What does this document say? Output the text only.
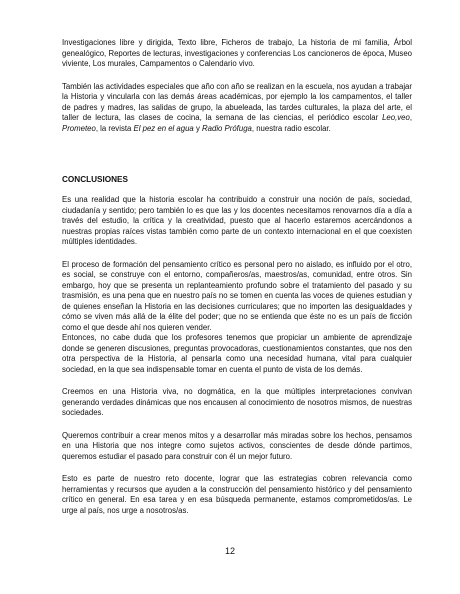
Investigaciones libre y dirigida, Texto libre, Ficheros de trabajo, La historia de mi familia, Árbol genealógico, Reportes de lecturas, investigaciones y conferencias Los cancioneros de época, Museo viviente, Los murales, Campamentos o Calendario vivo.

También las actividades especiales que año con año se realizan en la escuela, nos ayudan a trabajar la Historia y vincularla con las demás áreas académicas, por ejemplo la los campamentos, el taller de padres y madres, las salidas de grupo, la abueleada, las tardes culturales, la plaza del arte, el taller de lectura, las clases de cocina, la semana de las ciencias, el periódico escolar Leo,veo, Prometeo, la revista El pez en el agua y Radio Prófuga, nuestra radio escolar.

CONCLUSIONES

Es una realidad que la historia escolar ha contribuido a construir una noción de país, sociedad, ciudadanía y sentido; pero también lo es que las y los docentes necesitamos renovarnos día a día a través del estudio, la crítica y la creatividad, puesto que al hacerlo estaremos acercándonos a nuestras propias raíces vistas también como parte de un contexto internacional en el que coexisten múltiples identidades.

El proceso de formación del pensamiento crítico es personal pero no aislado, es influido por el otro, es social, se construye con el entorno, compañeros/as, maestros/as, comunidad, entre otros. Sin embargo, hoy que se presenta un replanteamiento profundo sobre el tratamiento del pasado y su trasmisión, es una pena que en nuestro país no se tomen en cuenta las voces de quienes estudian y de quienes enseñan la Historia en las decisiones curriculares; que no importen las desigualdades y cómo se viven más allá de la élite del poder; que no se entienda que éste no es un país de ficción como el que desde ahí nos quieren vender.

Entonces, no cabe duda que los profesores tenemos que propiciar un ambiente de aprendizaje donde se generen discusiones, preguntas provocadoras, cuestionamientos constantes, que nos den otra perspectiva de la Historia, al pensarla como una necesidad humana, vital para cualquier sociedad, en la que sea indispensable tomar en cuenta el punto de vista de los demás.

Creemos en una Historia viva, no dogmática, en la que múltiples interpretaciones convivan generando verdades dinámicas que nos encausen al conocimiento de nosotros mismos, de nuestras sociedades.

Queremos contribuir a crear menos mitos y a desarrollar más miradas sobre los hechos, pensamos en una Historia que nos integre como sujetos activos, conscientes de desde dónde partimos, queremos estudiar el pasado para construir con él un mejor futuro.

Esto es parte de nuestro reto docente, lograr que las estrategias cobren relevancia como herramientas y recursos que ayuden a la construcción del pensamiento histórico y del pensamiento crítico en general. En esa tarea y en esa búsqueda permanente, estamos comprometidos/as. Le urge al país, nos urge a nosotros/as.

12
